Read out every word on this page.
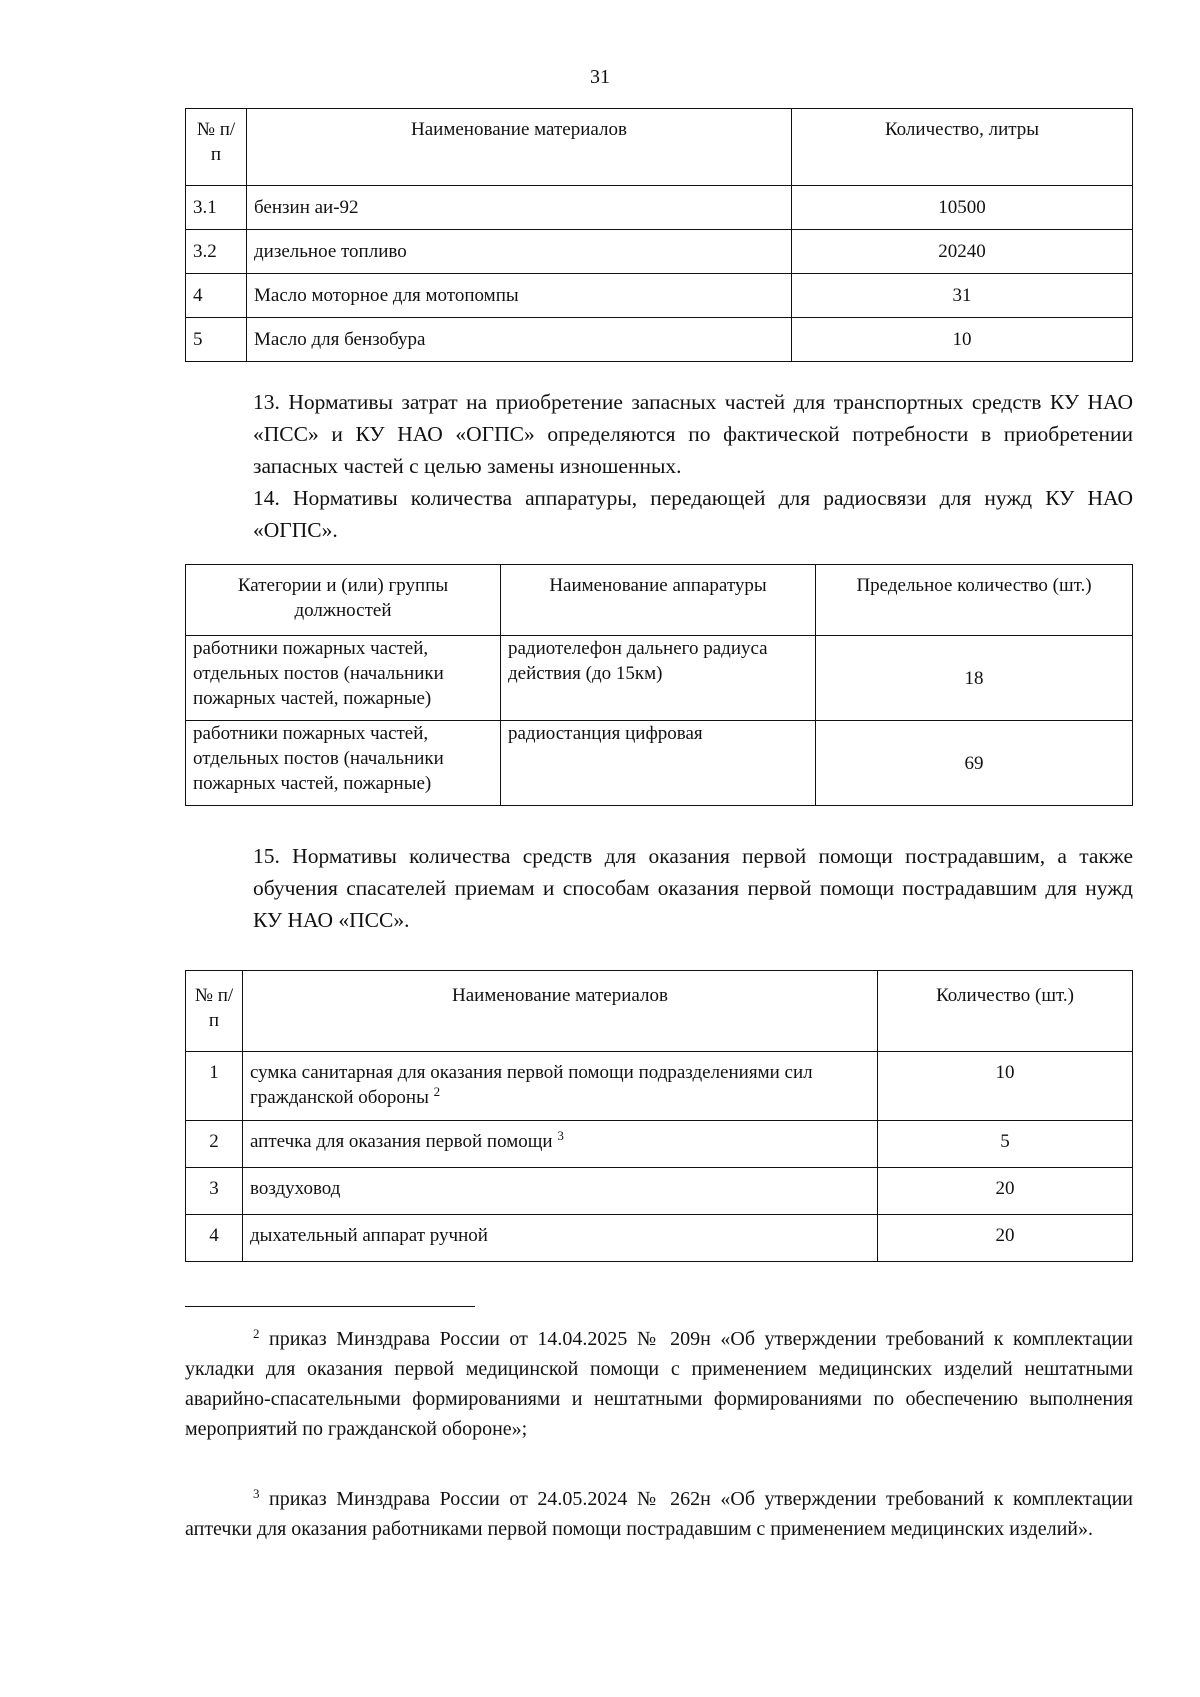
31
№ п/п	Наименование материалов	Количество, литры
3.1	бензин аи-92	10500
3.2	дизельное топливо	20240
4	Масло моторное для мотопомпы	31
5	Масло для бензобура	10
13. Нормативы затрат на приобретение запасных частей для транспортных средств КУ НАО «ПСС» и КУ НАО «ОГПС» определяются по фактической потребности в приобретении запасных частей с целью замены изношенных.
14. Нормативы количества аппаратуры, передающей для радиосвязи для нужд КУ НАО «ОГПС».
Категории и (или) группы должностей	Наименование аппаратуры	Предельное количество (шт.)
работники пожарных частей, отдельных постов (начальники пожарных частей, пожарные)	радиотелефон дальнего радиуса действия (до 15км)	18
работники пожарных частей, отдельных постов (начальники пожарных частей, пожарные)	радиостанция цифровая	69
15. Нормативы количества средств для оказания первой помощи пострадавшим, а также обучения спасателей приемам и способам оказания первой помощи пострадавшим для нужд КУ НАО «ПСС».
№ п/п	Наименование материалов	Количество (шт.)
1	сумка санитарная для оказания первой помощи подразделениями сил гражданской обороны $^2$	10
2	аптечка для оказания первой помощи $^3$	5
3	воздуховод	20
4	дыхательный аппарат ручной	20
$^2$ приказ Минздрава России от 14.04.2025 № 209н «Об утверждении требований к комплектации укладки для оказания первой медицинской помощи с применением медицинских изделий нештатными аварийно-спасательными формированиями и нештатными формированиями по обеспечению выполнения мероприятий по гражданской обороне»;
$^3$ приказ Минздрава России от 24.05.2024 № 262н «Об утверждении требований к комплектации аптечки для оказания работниками первой помощи пострадавшим с применением медицинских изделий».
